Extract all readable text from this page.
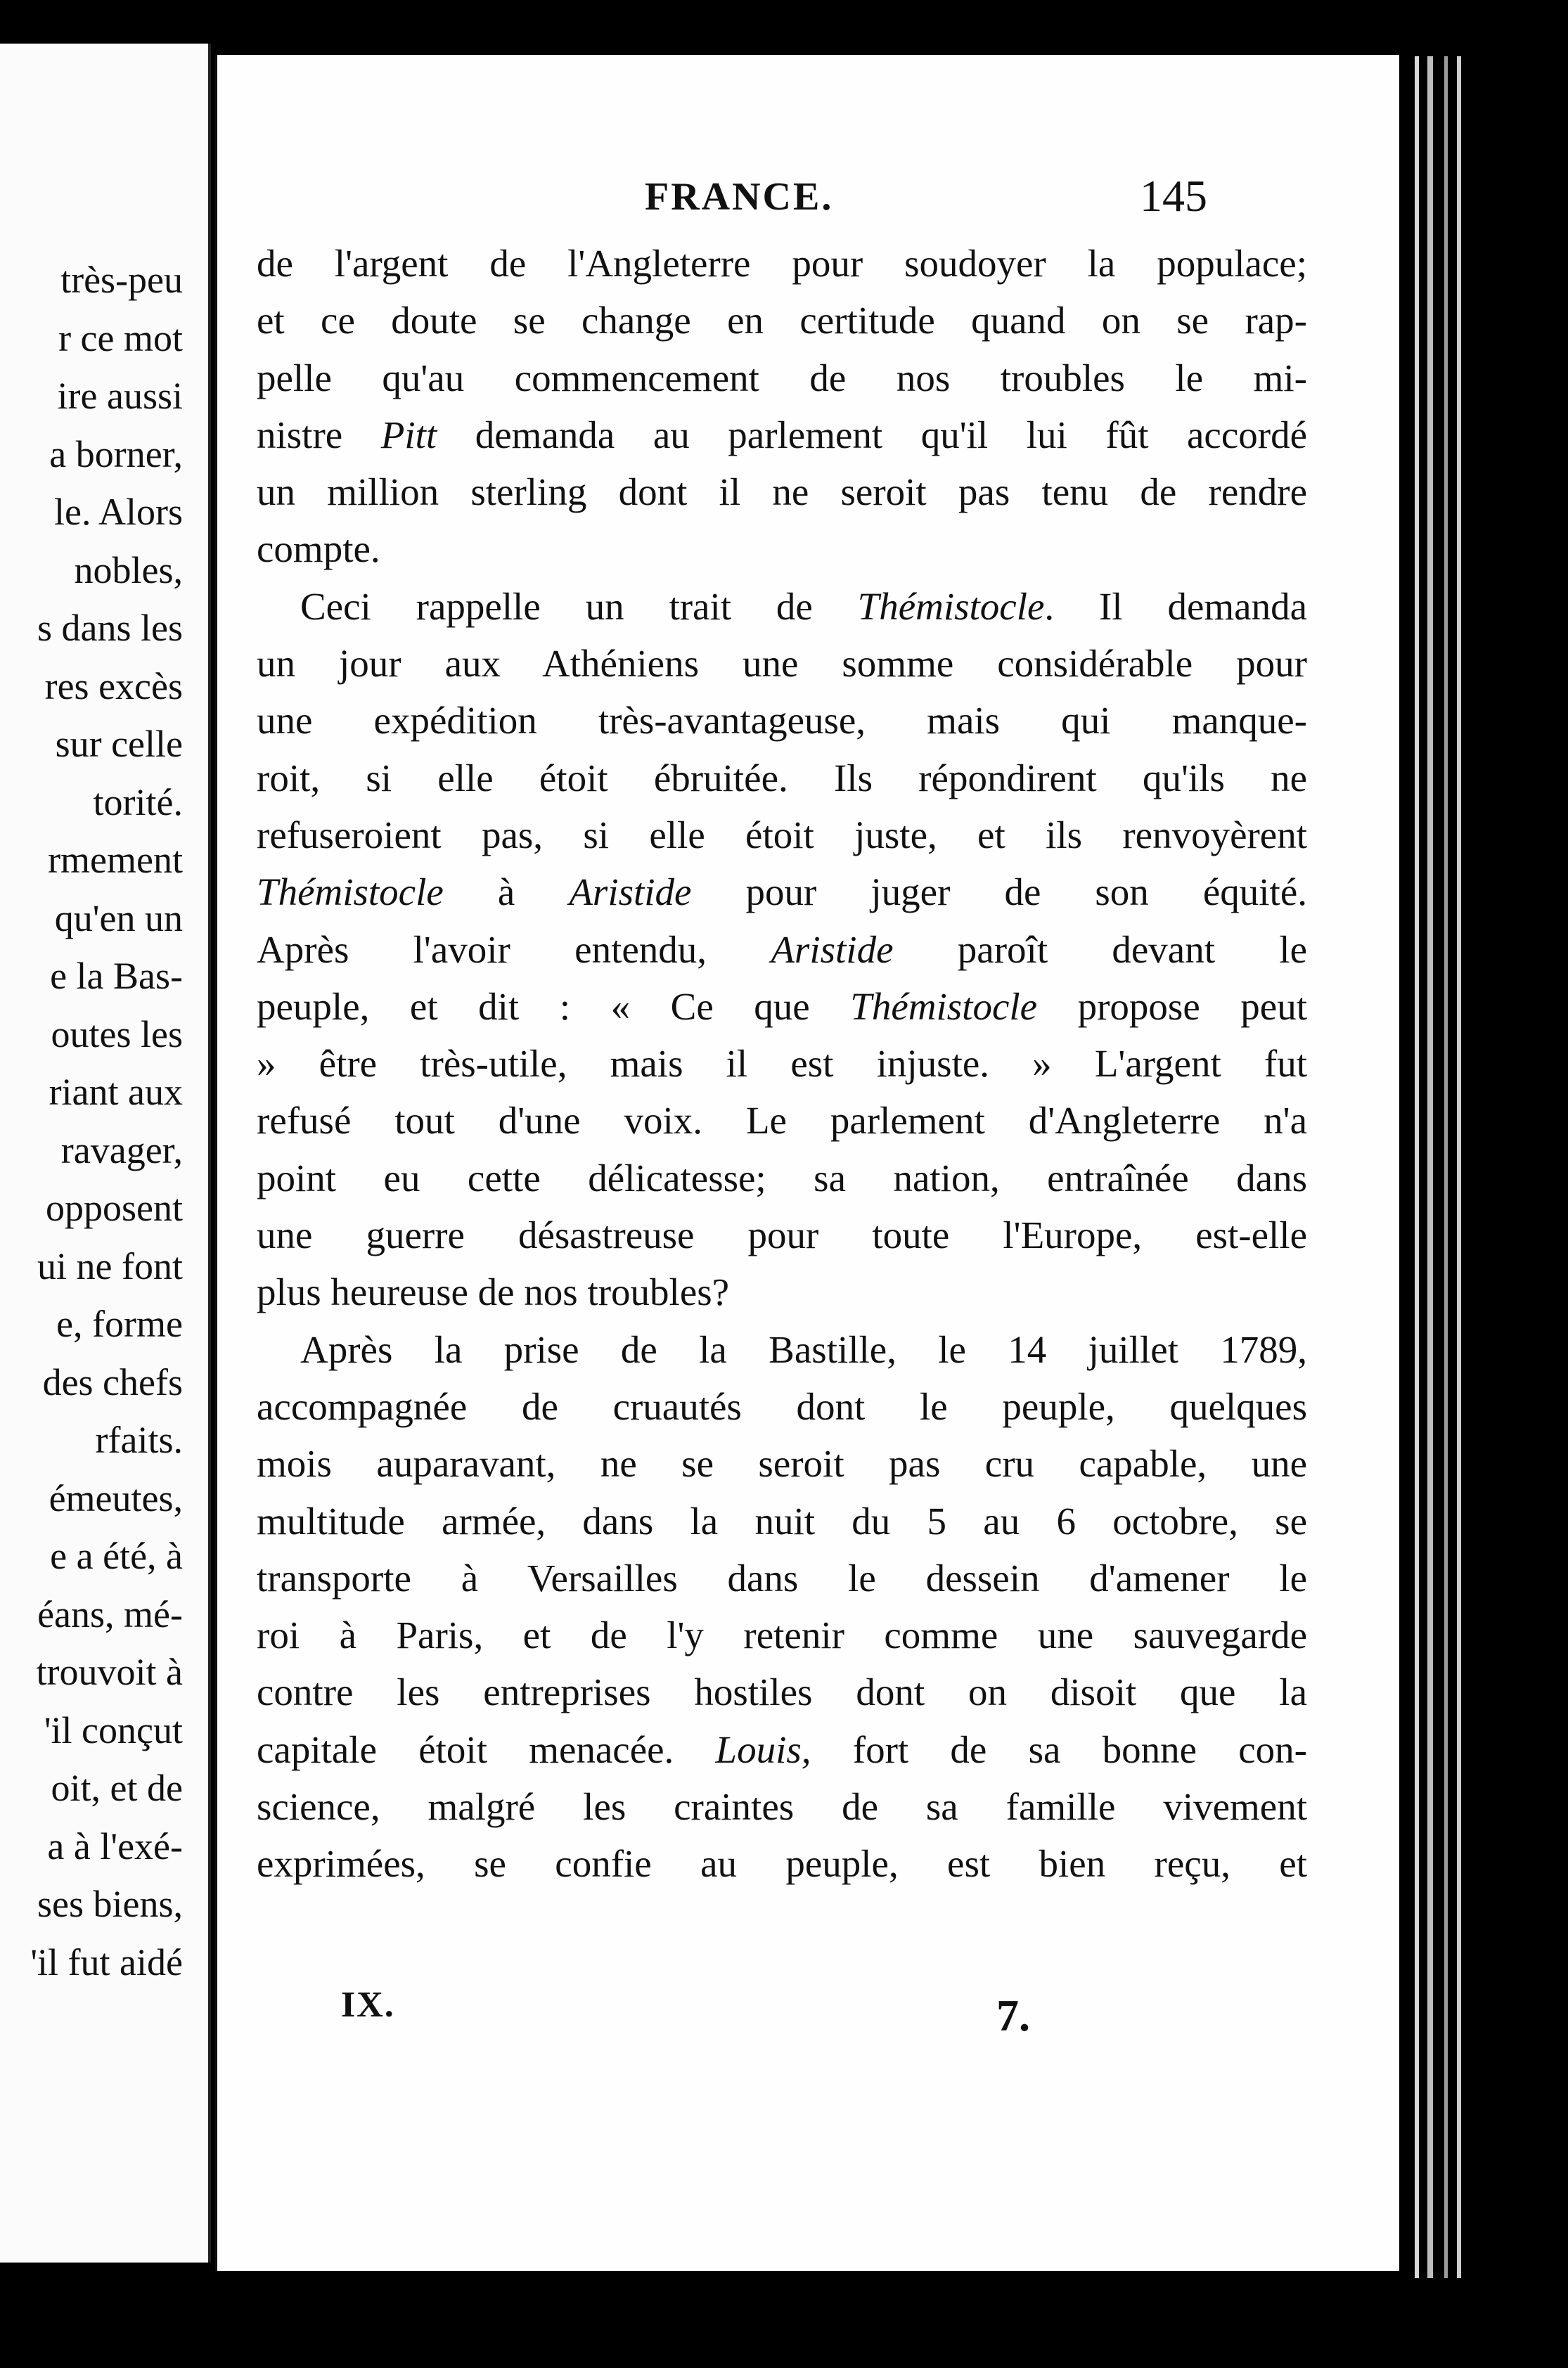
très-peu
r ce mot
ire aussi
a borner,
le. Alors
nobles,
s dans les
res excès
sur celle
torité.
rmement
qu'en un
e la Bas-
outes les
riant aux
ravager,
opposent
ui ne font
e, forme
des chefs
rfaits.
émeutes,
e a été, à
éans, mé-
trouvoit à
'il conçut
oit, et de
a à l'exé-
ses biens,
'il fut aidé
FRANCE.	145
de l'argent de l'Angleterre pour soudoyer la populace;
et ce doute se change en certitude quand on se rap-
pelle qu'au commencement de nos troubles le mi-
nistre Pitt demanda au parlement qu'il lui fût accordé
un million sterling dont il ne seroit pas tenu de rendre
compte.
Ceci rappelle un trait de Thémistocle. Il demanda
un jour aux Athéniens une somme considérable pour
une expédition très-avantageuse, mais qui manque-
roit, si elle étoit ébruitée. Ils répondirent qu'ils ne
refuseroient pas, si elle étoit juste, et ils renvoyèrent
Thémistocle à Aristide pour juger de son équité.
Après l'avoir entendu, Aristide paroît devant le
peuple, et dit : « Ce que Thémistocle propose peut
» être très-utile, mais il est injuste. » L'argent fut
refusé tout d'une voix. Le parlement d'Angleterre n'a
point eu cette délicatesse; sa nation, entraînée dans
une guerre désastreuse pour toute l'Europe, est-elle
plus heureuse de nos troubles?
Après la prise de la Bastille, le 14 juillet 1789,
accompagnée de cruautés dont le peuple, quelques
mois auparavant, ne se seroit pas cru capable, une
multitude armée, dans la nuit du 5 au 6 octobre, se
transporte à Versailles dans le dessein d'amener le
roi à Paris, et de l'y retenir comme une sauvegarde
contre les entreprises hostiles dont on disoit que la
capitale étoit menacée. Louis, fort de sa bonne con-
science, malgré les craintes de sa famille vivement
exprimées, se confie au peuple, est bien reçu, et
IX.	7.
